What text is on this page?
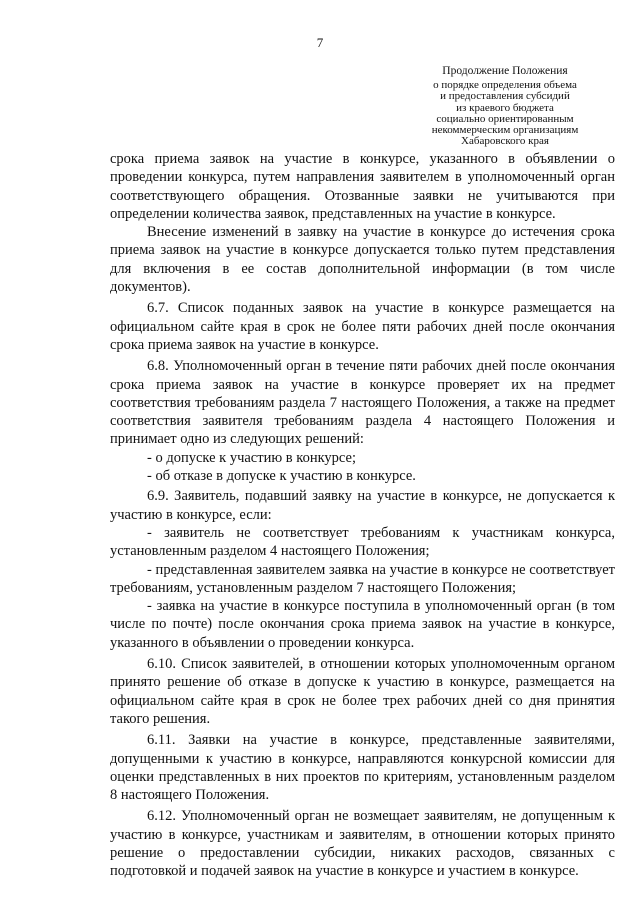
7
Продолжение Положения
о порядке определения объема
и предоставления субсидий
из краевого бюджета
социально ориентированным
некоммерческим организациям
Хабаровского края

срока приема заявок на участие в конкурсе, указанного в объявлении о проведении конкурса, путем направления заявителем в уполномоченный орган соответствующего обращения. Отозванные заявки не учитываются при определении количества заявок, представленных на участие в конкурсе.

Внесение изменений в заявку на участие в конкурсе до истечения срока приема заявок на участие в конкурсе допускается только путем представления для включения в ее состав дополнительной информации (в том числе документов).

6.7. Список поданных заявок на участие в конкурсе размещается на официальном сайте края в срок не более пяти рабочих дней после окончания срока приема заявок на участие в конкурсе.

6.8. Уполномоченный орган в течение пяти рабочих дней после окончания срока приема заявок на участие в конкурсе проверяет их на предмет соответствия требованиям раздела 7 настоящего Положения, а также на предмет соответствия заявителя требованиям раздела 4 настоящего Положения и принимает одно из следующих решений:

- о допуске к участию в конкурсе;

- об отказе в допуске к участию в конкурсе.

6.9. Заявитель, подавший заявку на участие в конкурсе, не допускается к участию в конкурсе, если:

- заявитель не соответствует требованиям к участникам конкурса, установленным разделом 4 настоящего Положения;

- представленная заявителем заявка на участие в конкурсе не соответствует требованиям, установленным разделом 7 настоящего Положения;

- заявка на участие в конкурсе поступила в уполномоченный орган (в том числе по почте) после окончания срока приема заявок на участие в конкурсе, указанного в объявлении о проведении конкурса.

6.10. Список заявителей, в отношении которых уполномоченным органом принято решение об отказе в допуске к участию в конкурсе, размещается на официальном сайте края в срок не более трех рабочих дней со дня принятия такого решения.

6.11. Заявки на участие в конкурсе, представленные заявителями, допущенными к участию в конкурсе, направляются конкурсной комиссии для оценки представленных в них проектов по критериям, установленным разделом 8 настоящего Положения.

6.12. Уполномоченный орган не возмещает заявителям, не допущенным к участию в конкурсе, участникам и заявителям, в отношении которых принято решение о предоставлении субсидии, никаких расходов, связанных с подготовкой и подачей заявок на участие в конкурсе и участием в конкурсе.
